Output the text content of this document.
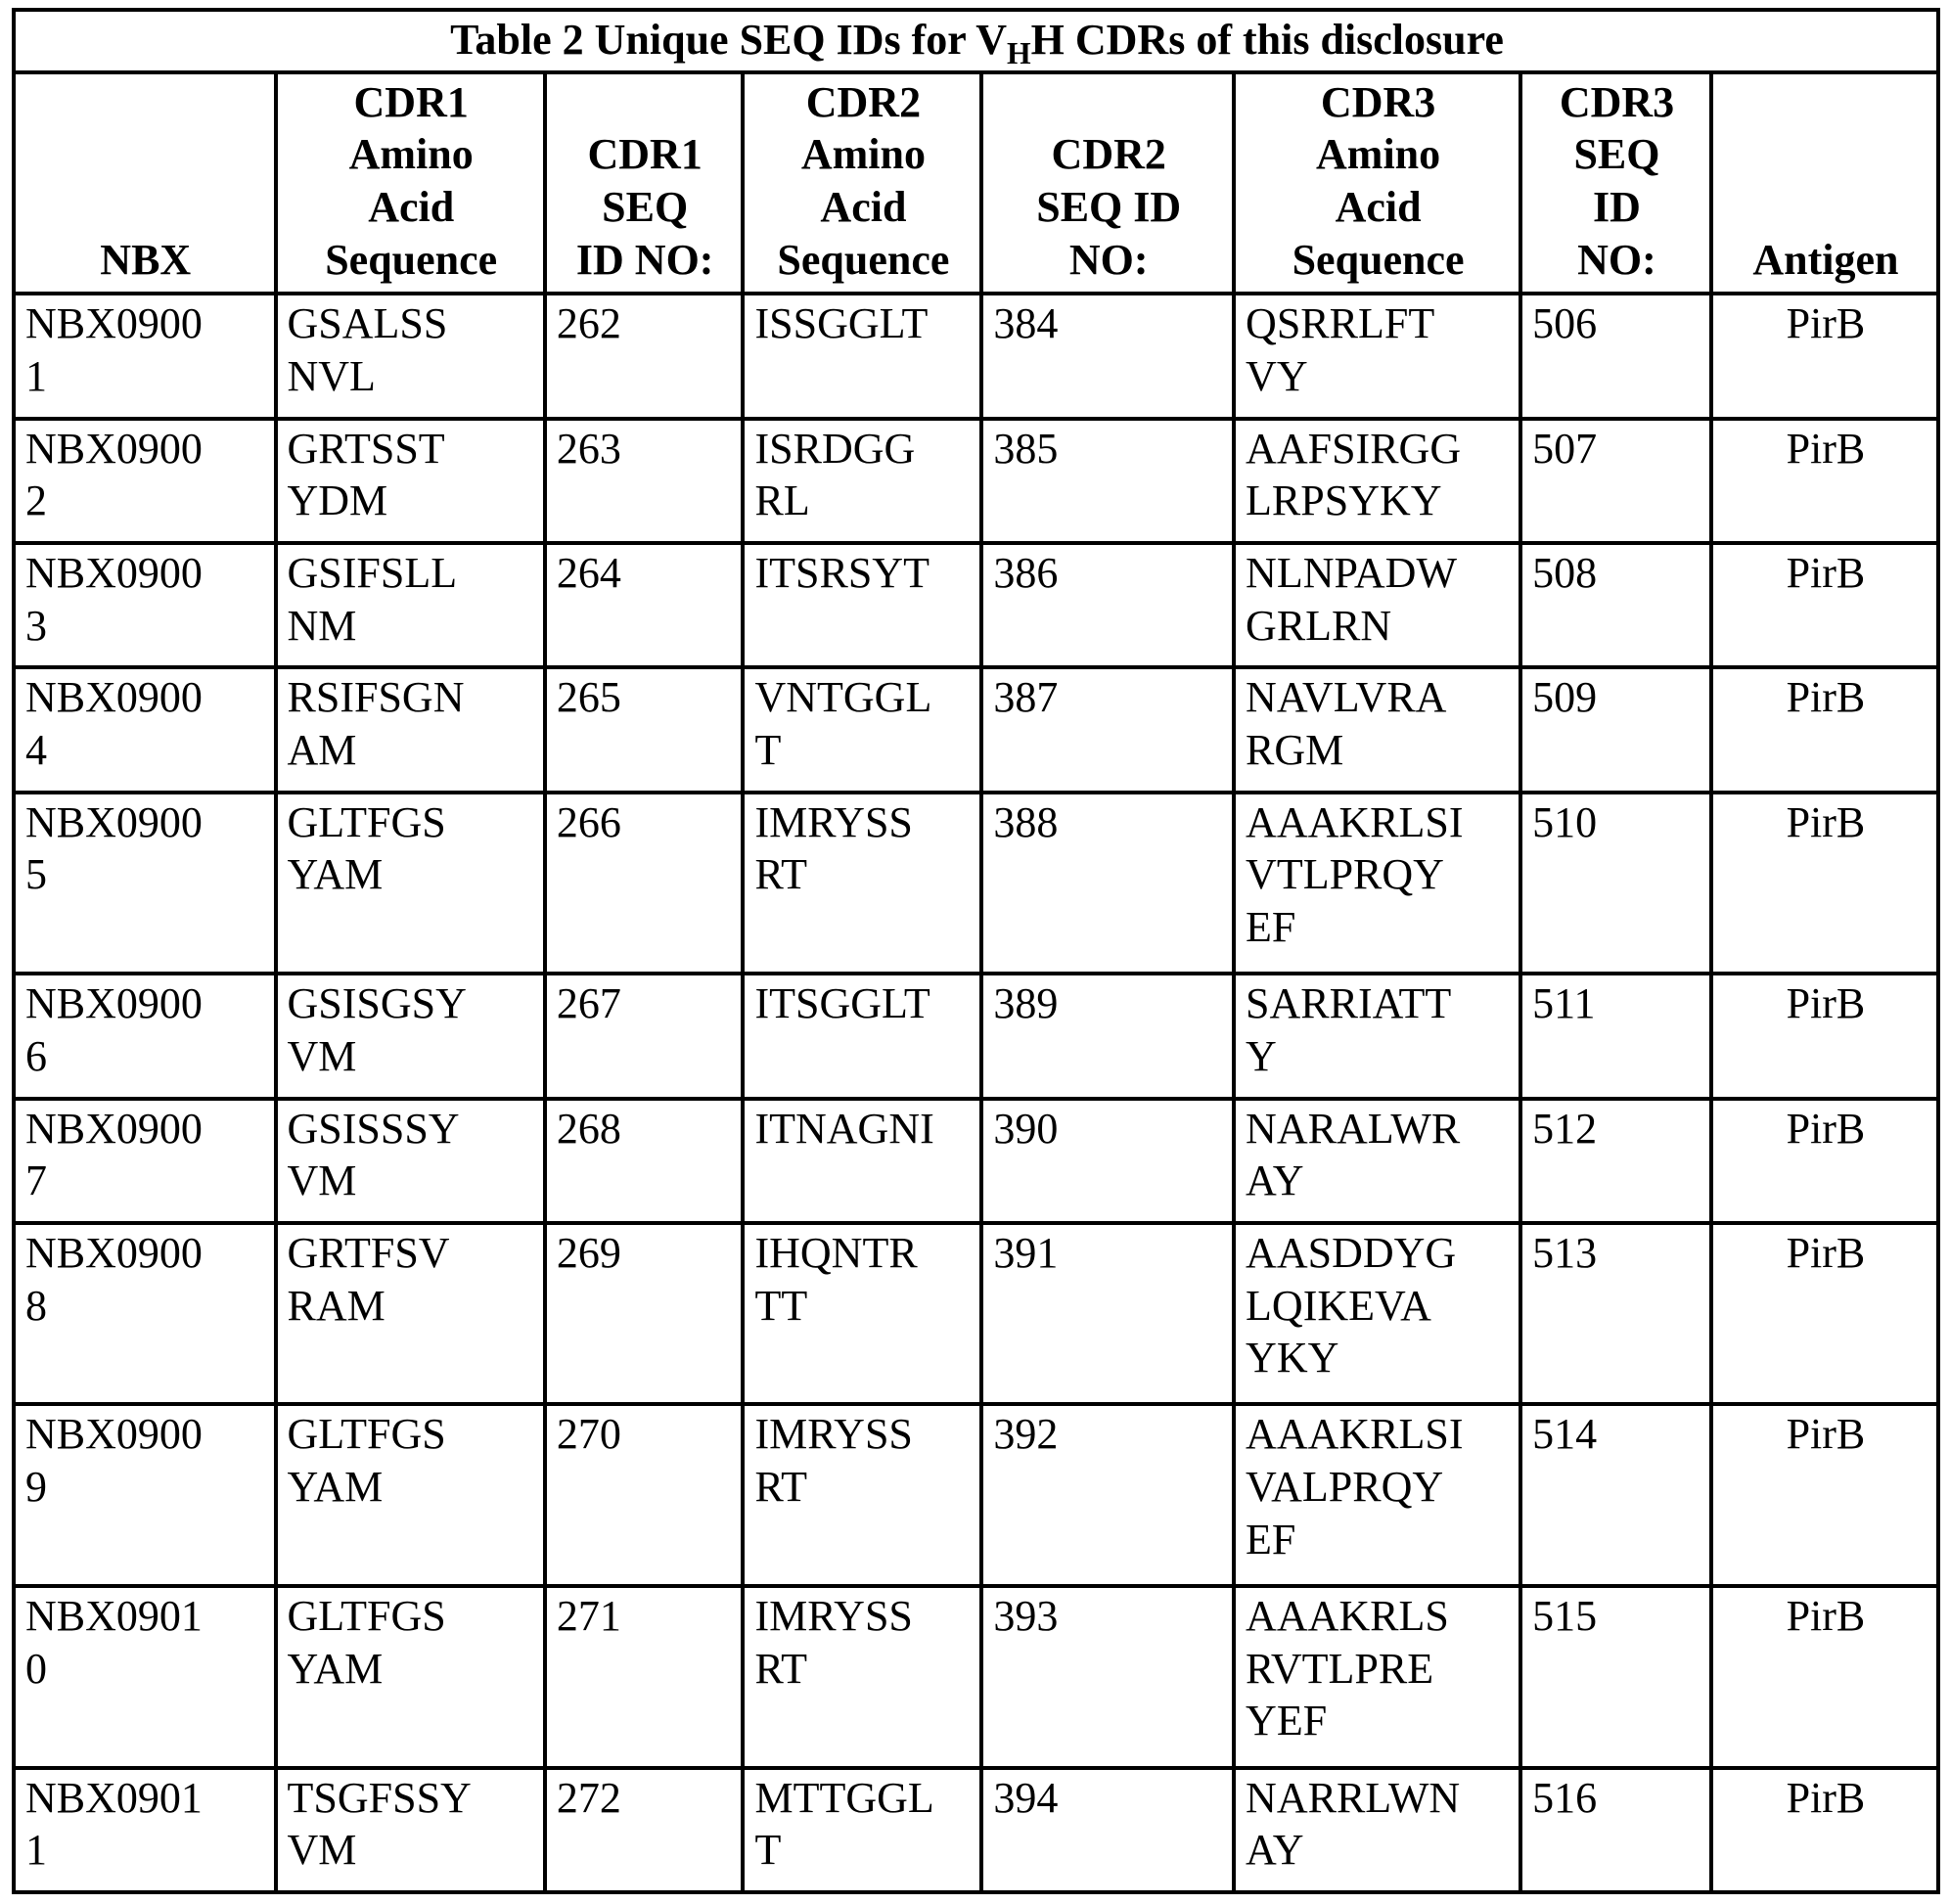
Table 2 Unique SEQ IDs for $V_HH$ CDRs of this disclosure							
NBX	CDR1
Amino
Acid
Sequence	CDR1
SEQ
ID NO:	CDR2
Amino
Acid
Sequence	CDR2
SEQ ID
NO:	CDR3
Amino
Acid
Sequence	CDR3
SEQ
ID
NO:	Antigen
NBX0900
1	GSALSS
NVL	262	ISSGGLT	384	QSRRLFT
VY	506	PirB
NBX0900
2	GRTSST
YDM	263	ISRDGG
RL	385	AAFSIRGG
LRPSYKY	507	PirB
NBX0900
3	GSIFSLL
NM	264	ITSRSYT	386	NLNPADW
GRLRN	508	PirB
NBX0900
4	RSIFSGN
AM	265	VNTGGL
T	387	NAVLVRA
RGM	509	PirB
NBX0900
5	GLTFGS
YAM	266	IMRYSS
RT	388	AAAKRLSI
VTLPRQY
EF	510	PirB
NBX0900
6	GSISGSY
VM	267	ITSGGLT	389	SARRIATT
Y	511	PirB
NBX0900
7	GSISSSY
VM	268	ITNAGNI	390	NARALWR
AY	512	PirB
NBX0900
8	GRTFSV
RAM	269	IHQNTR
TT	391	AASDDYG
LQIKEVA
YKY	513	PirB
NBX0900
9	GLTFGS
YAM	270	IMRYSS
RT	392	AAAKRLSI
VALPRQY
EF	514	PirB
NBX0901
0	GLTFGS
YAM	271	IMRYSS
RT	393	AAAKRLS
RVTLPRE
YEF	515	PirB
NBX0901
1	TSGFSSY
VM	272	MTTGGL
T	394	NARRLWN
AY	516	PirB
